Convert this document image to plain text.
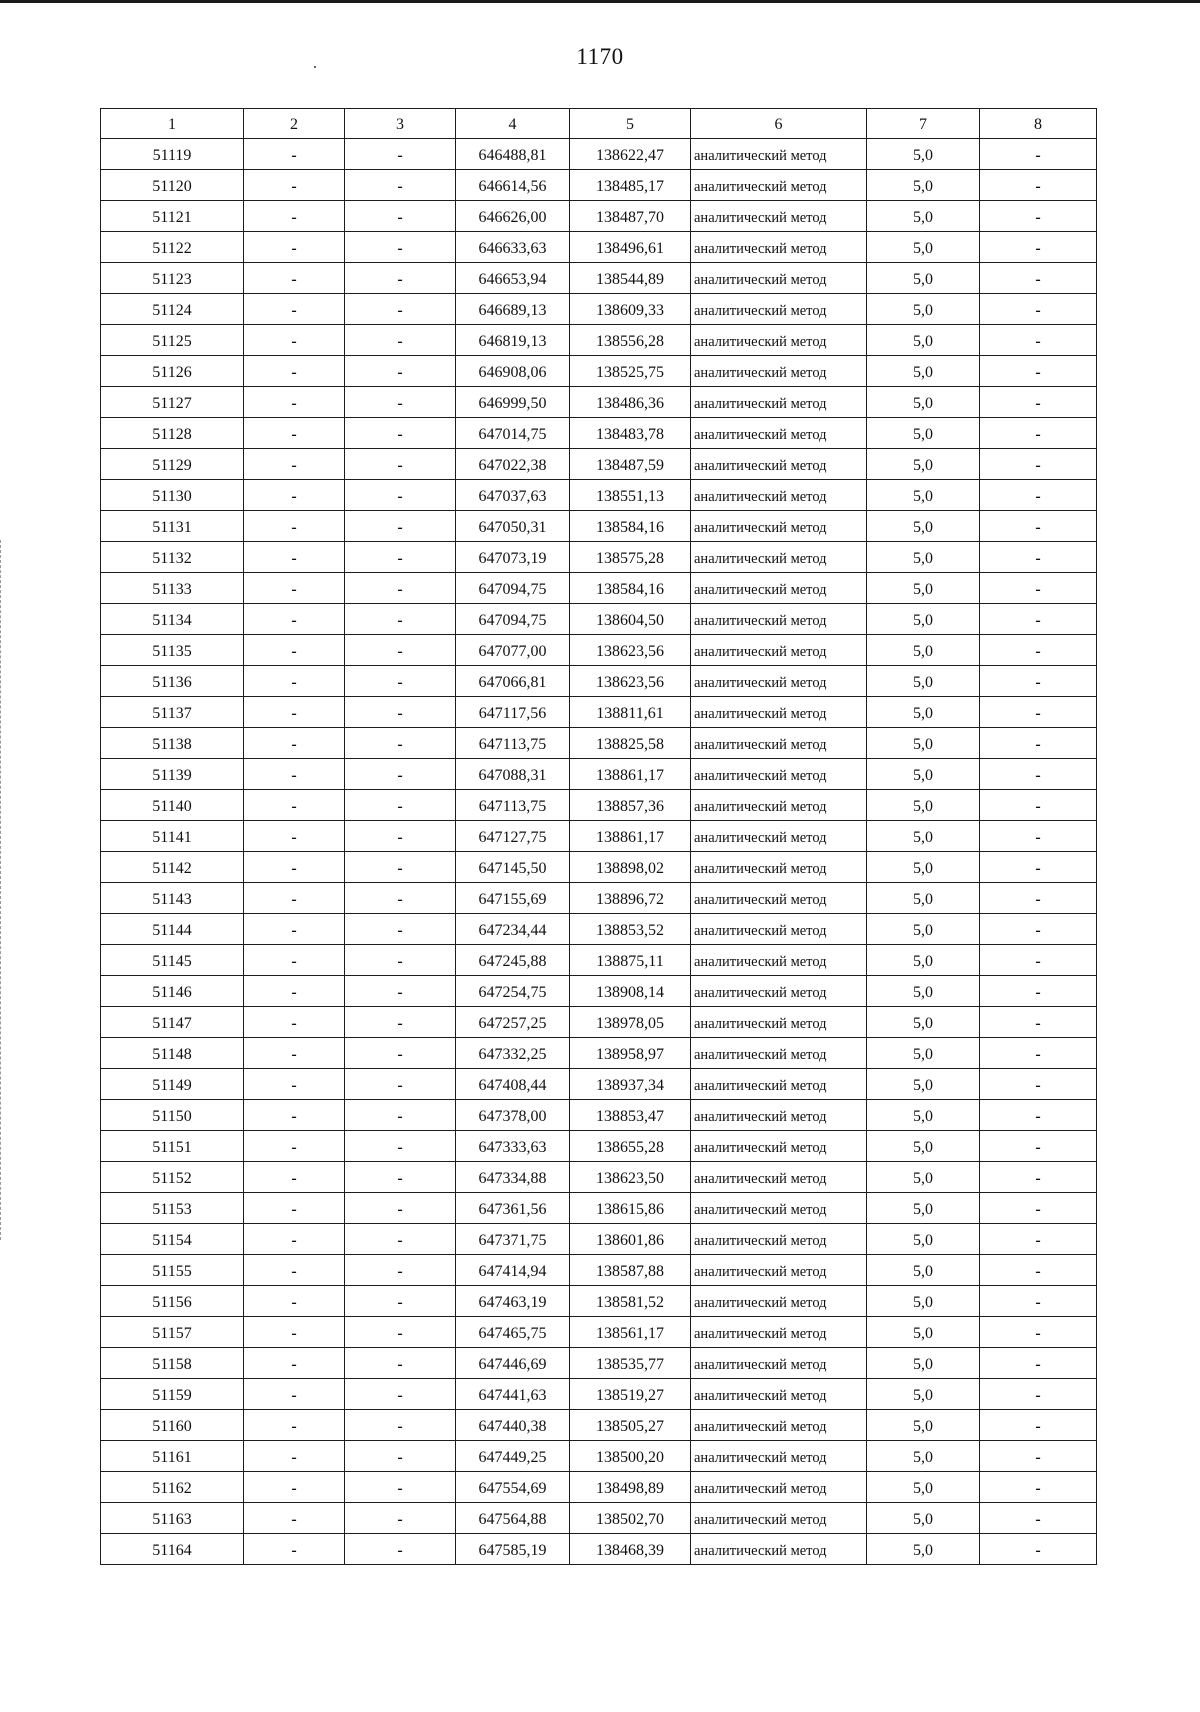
1170
1	2	3	4	5	6	7	8
51119	-	-	646488,81	138622,47	аналитический метод	5,0	-
51120	-	-	646614,56	138485,17	аналитический метод	5,0	-
51121	-	-	646626,00	138487,70	аналитический метод	5,0	-
51122	-	-	646633,63	138496,61	аналитический метод	5,0	-
51123	-	-	646653,94	138544,89	аналитический метод	5,0	-
51124	-	-	646689,13	138609,33	аналитический метод	5,0	-
51125	-	-	646819,13	138556,28	аналитический метод	5,0	-
51126	-	-	646908,06	138525,75	аналитический метод	5,0	-
51127	-	-	646999,50	138486,36	аналитический метод	5,0	-
51128	-	-	647014,75	138483,78	аналитический метод	5,0	-
51129	-	-	647022,38	138487,59	аналитический метод	5,0	-
51130	-	-	647037,63	138551,13	аналитический метод	5,0	-
51131	-	-	647050,31	138584,16	аналитический метод	5,0	-
51132	-	-	647073,19	138575,28	аналитический метод	5,0	-
51133	-	-	647094,75	138584,16	аналитический метод	5,0	-
51134	-	-	647094,75	138604,50	аналитический метод	5,0	-
51135	-	-	647077,00	138623,56	аналитический метод	5,0	-
51136	-	-	647066,81	138623,56	аналитический метод	5,0	-
51137	-	-	647117,56	138811,61	аналитический метод	5,0	-
51138	-	-	647113,75	138825,58	аналитический метод	5,0	-
51139	-	-	647088,31	138861,17	аналитический метод	5,0	-
51140	-	-	647113,75	138857,36	аналитический метод	5,0	-
51141	-	-	647127,75	138861,17	аналитический метод	5,0	-
51142	-	-	647145,50	138898,02	аналитический метод	5,0	-
51143	-	-	647155,69	138896,72	аналитический метод	5,0	-
51144	-	-	647234,44	138853,52	аналитический метод	5,0	-
51145	-	-	647245,88	138875,11	аналитический метод	5,0	-
51146	-	-	647254,75	138908,14	аналитический метод	5,0	-
51147	-	-	647257,25	138978,05	аналитический метод	5,0	-
51148	-	-	647332,25	138958,97	аналитический метод	5,0	-
51149	-	-	647408,44	138937,34	аналитический метод	5,0	-
51150	-	-	647378,00	138853,47	аналитический метод	5,0	-
51151	-	-	647333,63	138655,28	аналитический метод	5,0	-
51152	-	-	647334,88	138623,50	аналитический метод	5,0	-
51153	-	-	647361,56	138615,86	аналитический метод	5,0	-
51154	-	-	647371,75	138601,86	аналитический метод	5,0	-
51155	-	-	647414,94	138587,88	аналитический метод	5,0	-
51156	-	-	647463,19	138581,52	аналитический метод	5,0	-
51157	-	-	647465,75	138561,17	аналитический метод	5,0	-
51158	-	-	647446,69	138535,77	аналитический метод	5,0	-
51159	-	-	647441,63	138519,27	аналитический метод	5,0	-
51160	-	-	647440,38	138505,27	аналитический метод	5,0	-
51161	-	-	647449,25	138500,20	аналитический метод	5,0	-
51162	-	-	647554,69	138498,89	аналитический метод	5,0	-
51163	-	-	647564,88	138502,70	аналитический метод	5,0	-
51164	-	-	647585,19	138468,39	аналитический метод	5,0	-
